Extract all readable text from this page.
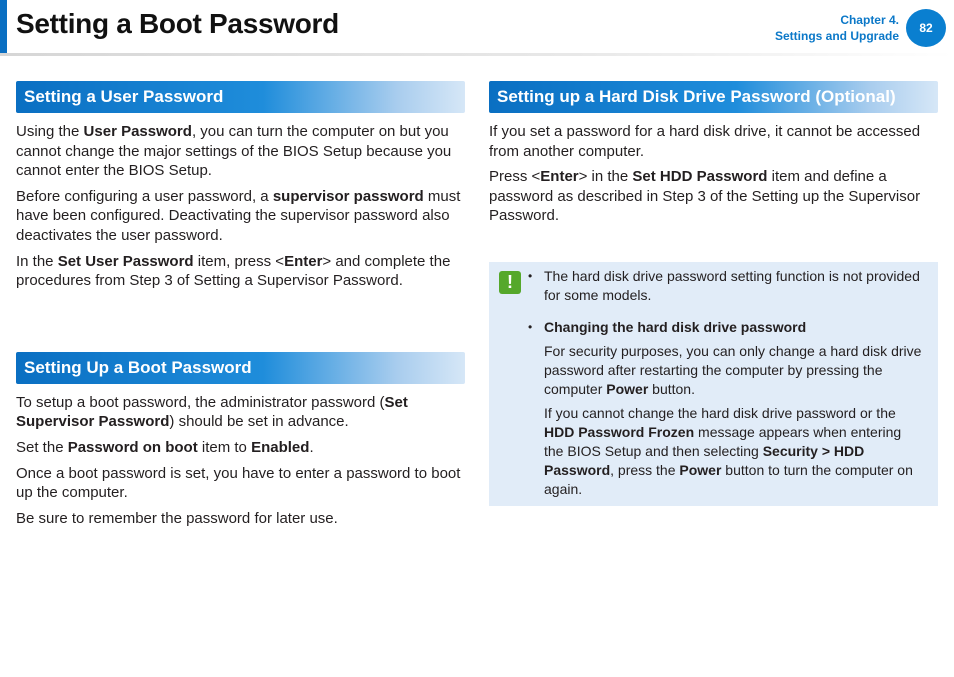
Setting a Boot Password	Chapter 4.
Settings and Upgrade
82
Setting a User Password

Using the User Password, you can turn the computer on but you cannot change the major settings of the BIOS Setup because you cannot enter the BIOS Setup.

Before configuring a user password, a supervisor password must have been configured. Deactivating the supervisor password also deactivates the user password.

In the Set User Password item, press <Enter> and complete the procedures from Step 3 of Setting a Supervisor Password.

Setting Up a Boot Password

To setup a boot password, the administrator password (Set Supervisor Password) should be set in advance.

Set the Password on boot item to Enabled.

Once a boot password is set, you have to enter a password to boot up the computer.

Be sure to remember the password for later use.

Setting up a Hard Disk Drive Password (Optional)

If you set a password for a hard disk drive, it cannot be accessed from another computer.

Press <Enter> in the Set HDD Password item and define a password as described in Step 3 of the Setting up the Supervisor Password.

!	• The hard disk drive password setting function is not provided for some models.

• Changing the hard disk drive password

For security purposes, you can only change a hard disk drive password after restarting the computer by pressing the computer Power button.

If you cannot change the hard disk drive password or the HDD Password Frozen message appears when entering the BIOS Setup and then selecting Security > HDD Password, press the Power button to turn the computer on again.
